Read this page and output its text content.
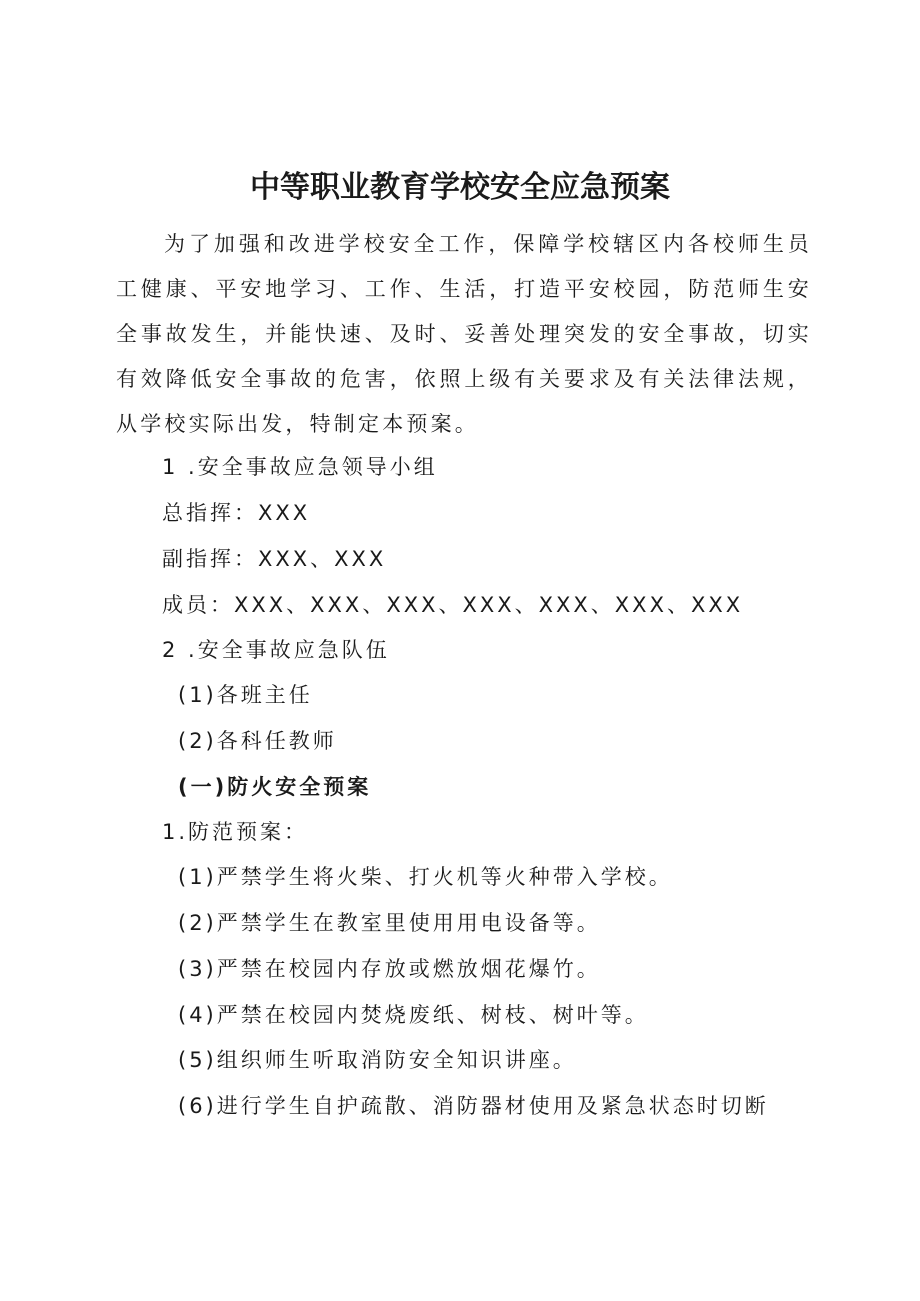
中等职业教育学校安全应急预案

为了加强和改进学校安全工作，保障学校辖区内各校师生员工健康、平安地学习、工作、生活，打造平安校园，防范师生安全事故发生，并能快速、及时、妥善处理突发的安全事故，切实有效降低安全事故的危害，依照上级有关要求及有关法律法规，从学校实际出发，特制定本预案。

1 .安全事故应急领导小组

总指挥：XXX

副指挥：XXX、XXX

成员：XXX、XXX、XXX、XXX、XXX、XXX、XXX

2 .安全事故应急队伍

(1)各班主任

(2)各科任教师

(一)防火安全预案

1.防范预案：

(1)严禁学生将火柴、打火机等火种带入学校。

(2)严禁学生在教室里使用用电设备等。

(3)严禁在校园内存放或燃放烟花爆竹。

(4)严禁在校园内焚烧废纸、树枝、树叶等。

(5)组织师生听取消防安全知识讲座。

(6)进行学生自护疏散、消防器材使用及紧急状态时切断
